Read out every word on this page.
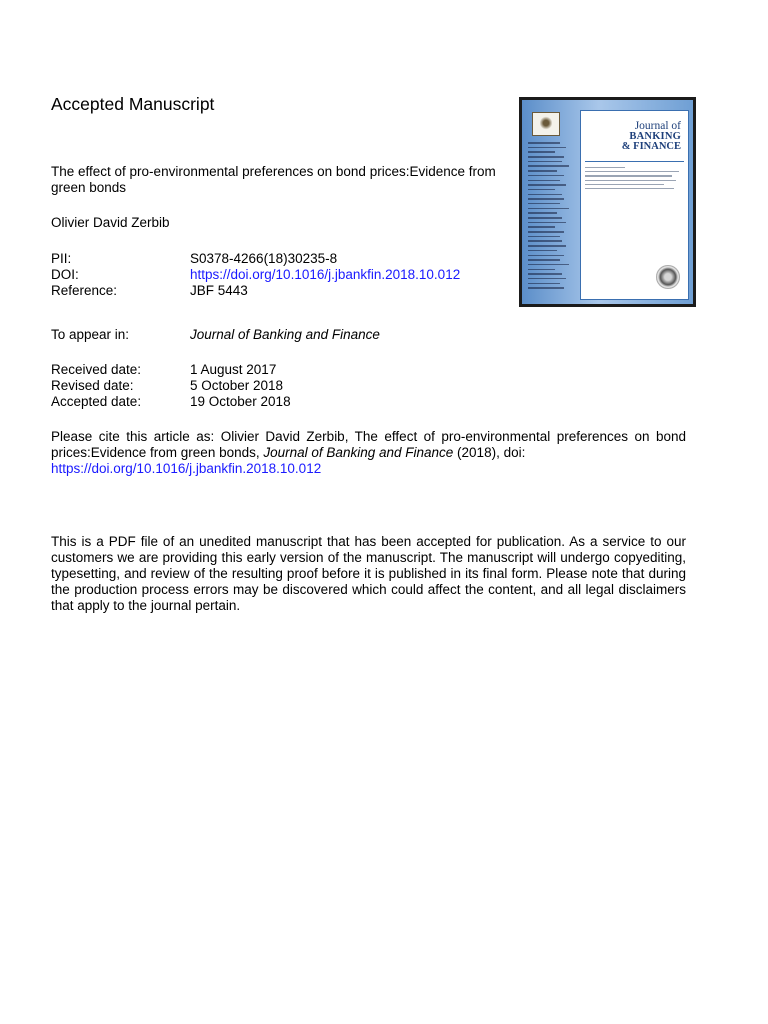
Accepted Manuscript
The effect of pro-environmental preferences on bond prices:Evidence from green bonds
Olivier David Zerbib
PII:	S0378-4266(18)30235-8
DOI:	https://doi.org/10.1016/j.jbankfin.2018.10.012
Reference:	JBF 5443
To appear in:	Journal of Banking and Finance
Received date:	1 August 2017
Revised date:	5 October 2018
Accepted date:	19 October 2018
Please cite this article as: Olivier David Zerbib, The effect of pro-environmental preferences on bond prices:Evidence from green bonds, Journal of Banking and Finance (2018), doi:
https://doi.org/10.1016/j.jbankfin.2018.10.012
This is a PDF file of an unedited manuscript that has been accepted for publication. As a service to our customers we are providing this early version of the manuscript. The manuscript will undergo copyediting, typesetting, and review of the resulting proof before it is published in its final form. Please note that during the production process errors may be discovered which could affect the content, and all legal disclaimers that apply to the journal pertain.
Journal of
BANKING
& FINANCE
